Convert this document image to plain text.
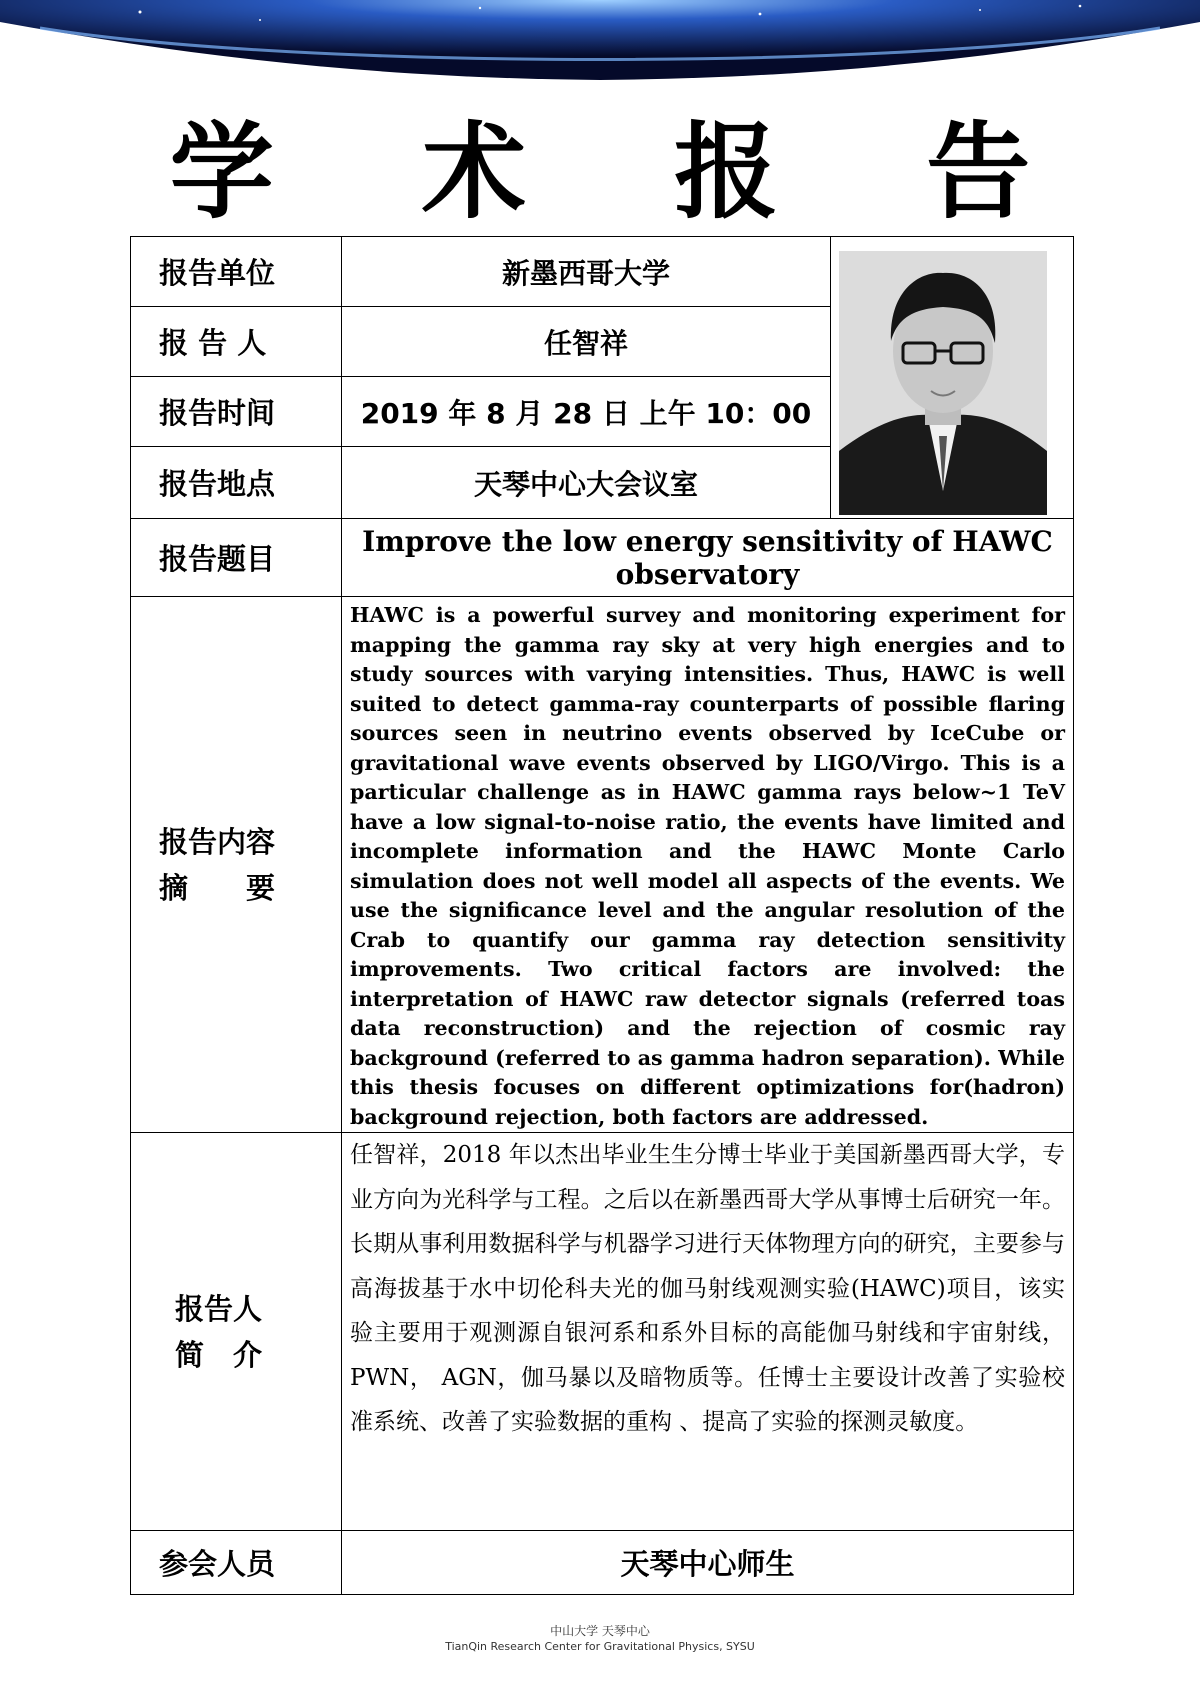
学 术 报 告
报告单位	新墨西哥大学	

报 告 人	任智祥	
报告时间	2019 年 8 月 28 日 上午 10：00	
报告地点	天琴中心大会议室	
报告题目	Improve the low energy sensitivity of HAWC observatory	

报告内容
摘　　要	HAWC is a powerful survey and monitoring experiment for mapping the gamma ray sky at very high energies and to study sources with varying intensities. Thus, HAWC is well suited to detect gamma-ray counterparts of possible flaring sources seen in neutrino events observed by IceCube or gravitational wave events observed by LIGO/Virgo. This is a particular challenge as in HAWC gamma rays below~1 TeV have a low signal-to-noise ratio, the events have limited and incomplete information and the HAWC Monte Carlo simulation does not well model all aspects of the events. We use the significance level and the angular resolution of the Crab to quantify our gamma ray detection sensitivity improvements. Two critical factors are involved: the interpretation of HAWC raw detector signals (referred toas data reconstruction) and the rejection of cosmic ray background (referred to as gamma hadron separation). While this thesis focuses on different optimizations for(hadron) background rejection, both factors are addressed.	

报告人
简　介	任智祥，2018 年以杰出毕业生生分博士毕业于美国新墨西哥大学，专业方向为光科学与工程。之后以在新墨西哥大学从事博士后研究一年。长期从事利用数据科学与机器学习进行天体物理方向的研究，主要参与高海拔基于水中切伦科夫光的伽马射线观测实验(HAWC)项目，该实验主要用于观测源自银河系和系外目标的高能伽马射线和宇宙射线，PWN， AGN，伽马暴以及暗物质等。任博士主要设计改善了实验校准系统、改善了实验数据的重构 、提高了实验的探测灵敏度。	

参会人员	天琴中心师生	
中山大学 天琴中心
TianQin Research Center for Gravitational Physics, SYSU
